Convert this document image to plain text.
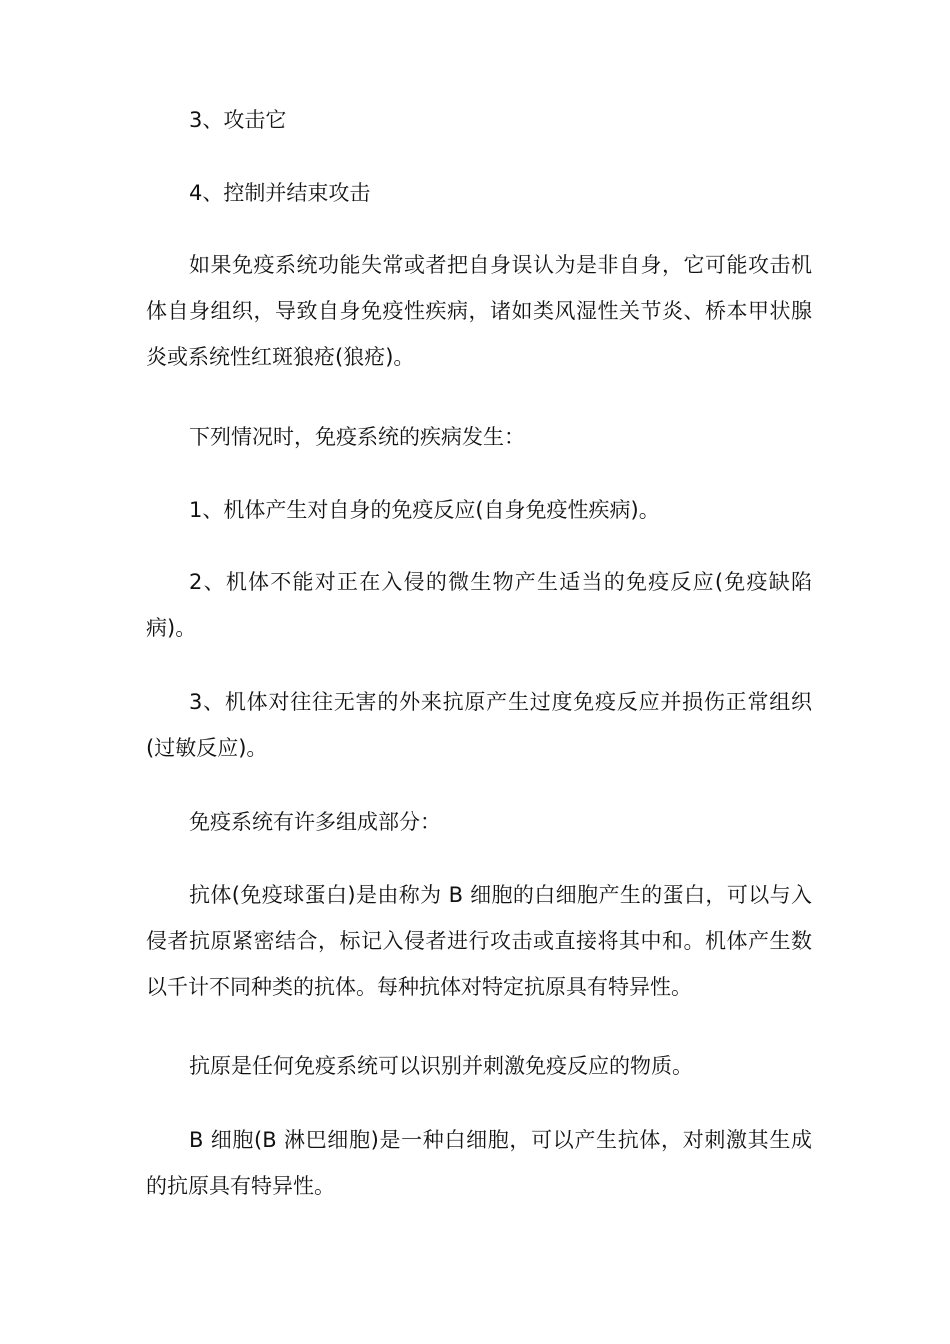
3、攻击它

4、控制并结束攻击

如果免疫系统功能失常或者把自身误认为是非自身，它可能攻击机体自身组织，导致自身免疫性疾病，诸如类风湿性关节炎、桥本甲状腺炎或系统性红斑狼疮(狼疮)。

下列情况时，免疫系统的疾病发生：

1、机体产生对自身的免疫反应(自身免疫性疾病)。

2、机体不能对正在入侵的微生物产生适当的免疫反应(免疫缺陷病)。

3、机体对往往无害的外来抗原产生过度免疫反应并损伤正常组织(过敏反应)。

免疫系统有许多组成部分：

抗体(免疫球蛋白)是由称为 B 细胞的白细胞产生的蛋白，可以与入侵者抗原紧密结合，标记入侵者进行攻击或直接将其中和。机体产生数以千计不同种类的抗体。每种抗体对特定抗原具有特异性。

抗原是任何免疫系统可以识别并刺激免疫反应的物质。

B 细胞(B 淋巴细胞)是一种白细胞，可以产生抗体，对刺激其生成的抗原具有特异性。
